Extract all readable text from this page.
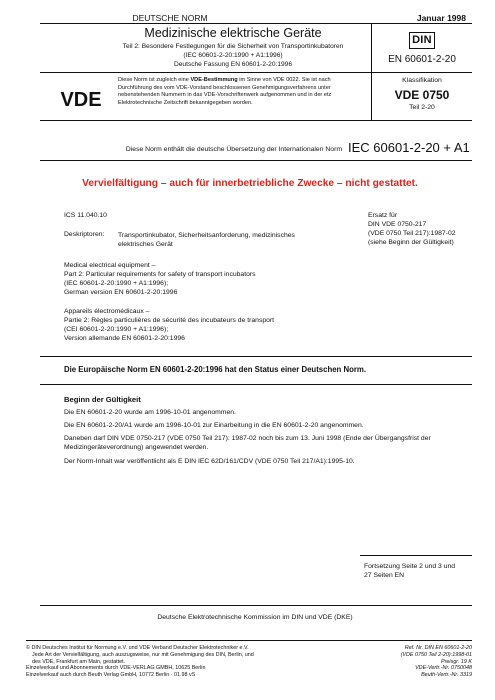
DEUTSCHE NORM	Januar 1998
Medizinische elektrische Geräte
Teil 2: Besondere Festlegungen für die Sicherheit von Transportinkubatoren
(IEC 60601-2-20:1990 + A1:1996)
Deutsche Fassung EN 60601-2-20:1996
DIN
EN 60601-2-20
VDE
Diese Norm ist zugleich eine VDE-Bestimmung im Sinne von VDE 0022. Sie ist nach
Durchführung des vom VDE-Vorstand beschlossenen Genehmigungsverfahrens unter
nebenstehenden Nummern in das VDE-Vorschriftenwerk aufgenommen und in der etz
Elektrotechnische Zeitschrift bekanntgegeben worden.
Klassifikation
VDE 0750
Teil 2-20
Diese Norm enthält die deutsche Übersetzung der Internationalen Norm IEC 60601-2-20 + A1
Vervielfältigung – auch für innerbetriebliche Zwecke – nicht gestattet.
ICS 11.040.10	Ersatz für
DIN VDE 0750-217
(VDE 0750 Teil 217):1987-02
(siehe Beginn der Gültigkeit)
Deskriptoren: Transportinkubator, Sicherheitsanforderung, medizinisches
elektrisches Gerät
Medical electrical equipment –
Part 2: Particular requirements for safety of transport incubators
(IEC 60601-2-20:1990 + A1:1996);
German version EN 60601-2-20:1996
Appareils électromédicaux –
Partie 2: Règles particulières de sécurité des incubateurs de transport
(CEI 60601-2-20:1990 + A1:1996);
Version allemande EN 60601-2-20:1996
Die Europäische Norm EN 60601-2-20:1996 hat den Status einer Deutschen Norm.
Beginn der Gültigkeit
Die EN 60601-2-20 wurde am 1996-10-01 angenommen.
Die EN 60601-2-20/A1 wurde am 1996-10-01 zur Einarbeitung in die EN 60601-2-20 angenommen.
Daneben darf DIN VDE 0750-217 (VDE 0750 Teil 217): 1987-02 noch bis zum 13. Juni 1998 (Ende der Übergangsfrist der
Medizingeräteverordnung) angewendet werden.
Der Norm-Inhalt war veröffentlicht als E DIN IEC 62D/161/CDV (VDE 0750 Teil 217/A1):1995-10.
Fortsetzung Seite 2 und 3 und
27 Seiten EN
Deutsche Elektrotechnische Kommission im DIN und VDE (DKE)
© DIN Deutsches Institut für Normung e.V. und VDE Verband Deutscher Elektrotechniker e.V.
Jede Art der Vervielfältigung, auch auszugsweise, nur mit Genehmigung des DIN, Berlin, und
des VDE, Frankfurt am Main, gestattet.
Einzelverkauf und Abonnements durch VDE-VERLAG GMBH, 10625 Berlin
Einzelverkauf auch durch Beuth Verlag GmbH, 10772 Berlin · 01.98 vS
Ref. Nr. DIN EN 60601-2-20
(VDE 0750 Teil 2-20):1998-01
Preisgr. 19 K
VDE-Vertr.-Nr. 0750048
Beuth-Vertr.-Nr. 3319
